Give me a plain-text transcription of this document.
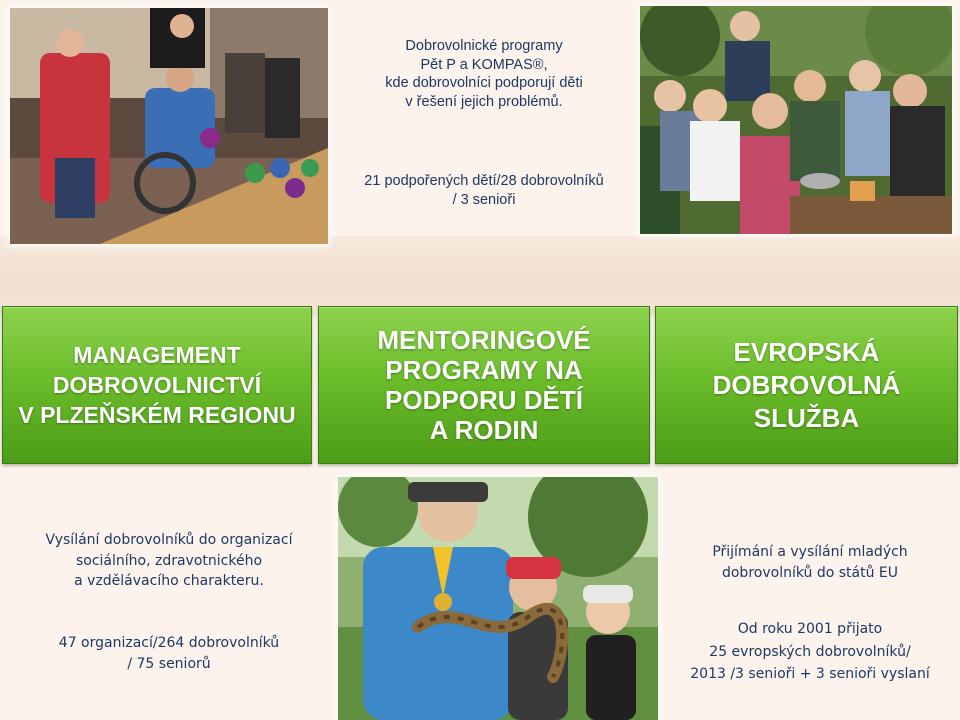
Dobrovolnické programy
Pět P a KOMPAS®,
kde dobrovolníci podporují děti
v řešení jejich problémů.
21 podpořených dětí/28 dobrovolníků
/ 3 senioři
MANAGEMENT
DOBROVOLNICTVÍ
V PLZEŇSKÉM REGIONU
MENTORINGOVÉ
PROGRAMY NA
PODPORU DĚTÍ
A RODIN
EVROPSKÁ
DOBROVOLNÁ
SLUŽBA
Vysílání dobrovolníků do organizací
sociálního, zdravotnického
a vzdělávacího charakteru.
47 organizací/264 dobrovolníků
/ 75 seniorů
Přijímání a vysílání mladých
dobrovolníků do států EU
Od roku 2001 přijato
25 evropských dobrovolníků/
2013 /3 senioři + 3 senioři vyslaní
